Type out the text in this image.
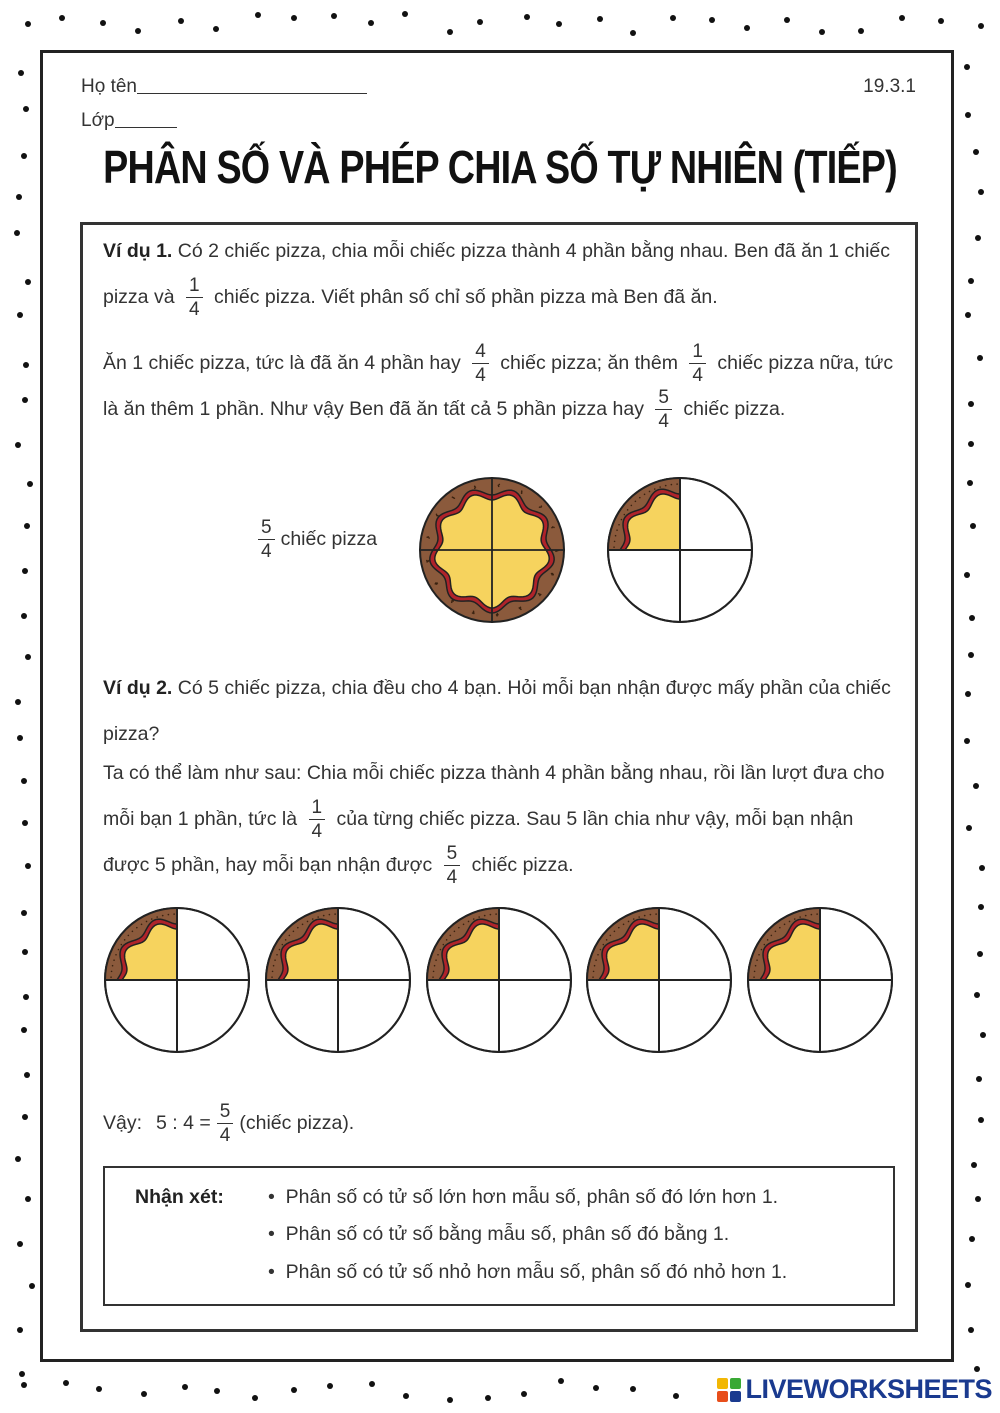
Họ tên
Lớp
19.3.1
PHÂN SỐ VÀ PHÉP CHIA SỐ TỰ NHIÊN (TIẾP)
Ví dụ 1. Có 2 chiếc pizza, chia mỗi chiếc pizza thành 4 phần bằng nhau. Ben đã ăn 1 chiếc pizza và $\frac{1}{4}$ chiếc pizza. Viết phân số chỉ số phần pizza mà Ben đã ăn.
Ăn 1 chiếc pizza, tức là đã ăn 4 phần hay $\frac{4}{4}$ chiếc pizza; ăn thêm $\frac{1}{4}$ chiếc pizza nữa, tức là ăn thêm 1 phần. Như vậy Ben đã ăn tất cả 5 phần pizza hay $\frac{5}{4}$ chiếc pizza.
$\frac{5}{4}$ chiếc pizza
Ví dụ 2. Có 5 chiếc pizza, chia đều cho 4 bạn. Hỏi mỗi bạn nhận được mấy phần của chiếc pizza?
Ta có thể làm như sau: Chia mỗi chiếc pizza thành 4 phần bằng nhau, rồi lần lượt đưa cho mỗi bạn 1 phần, tức là $\frac{1}{4}$ của từng chiếc pizza. Sau 5 lần chia như vậy, mỗi bạn nhận được 5 phần, hay mỗi bạn nhận được $\frac{5}{4}$ chiếc pizza.
Vậy: 5 : $4 = \frac{5}{4}$ (chiếc pizza).
Nhận xét: •  Phân số có tử số lớn hơn mẫu số, phân số đó lớn hơn 1.
•  Phân số có tử số bằng mẫu số, phân số đó bằng 1.
•  Phân số có tử số nhỏ hơn mẫu số, phân số đó nhỏ hơn 1.
LIVEWORKSHEETS
